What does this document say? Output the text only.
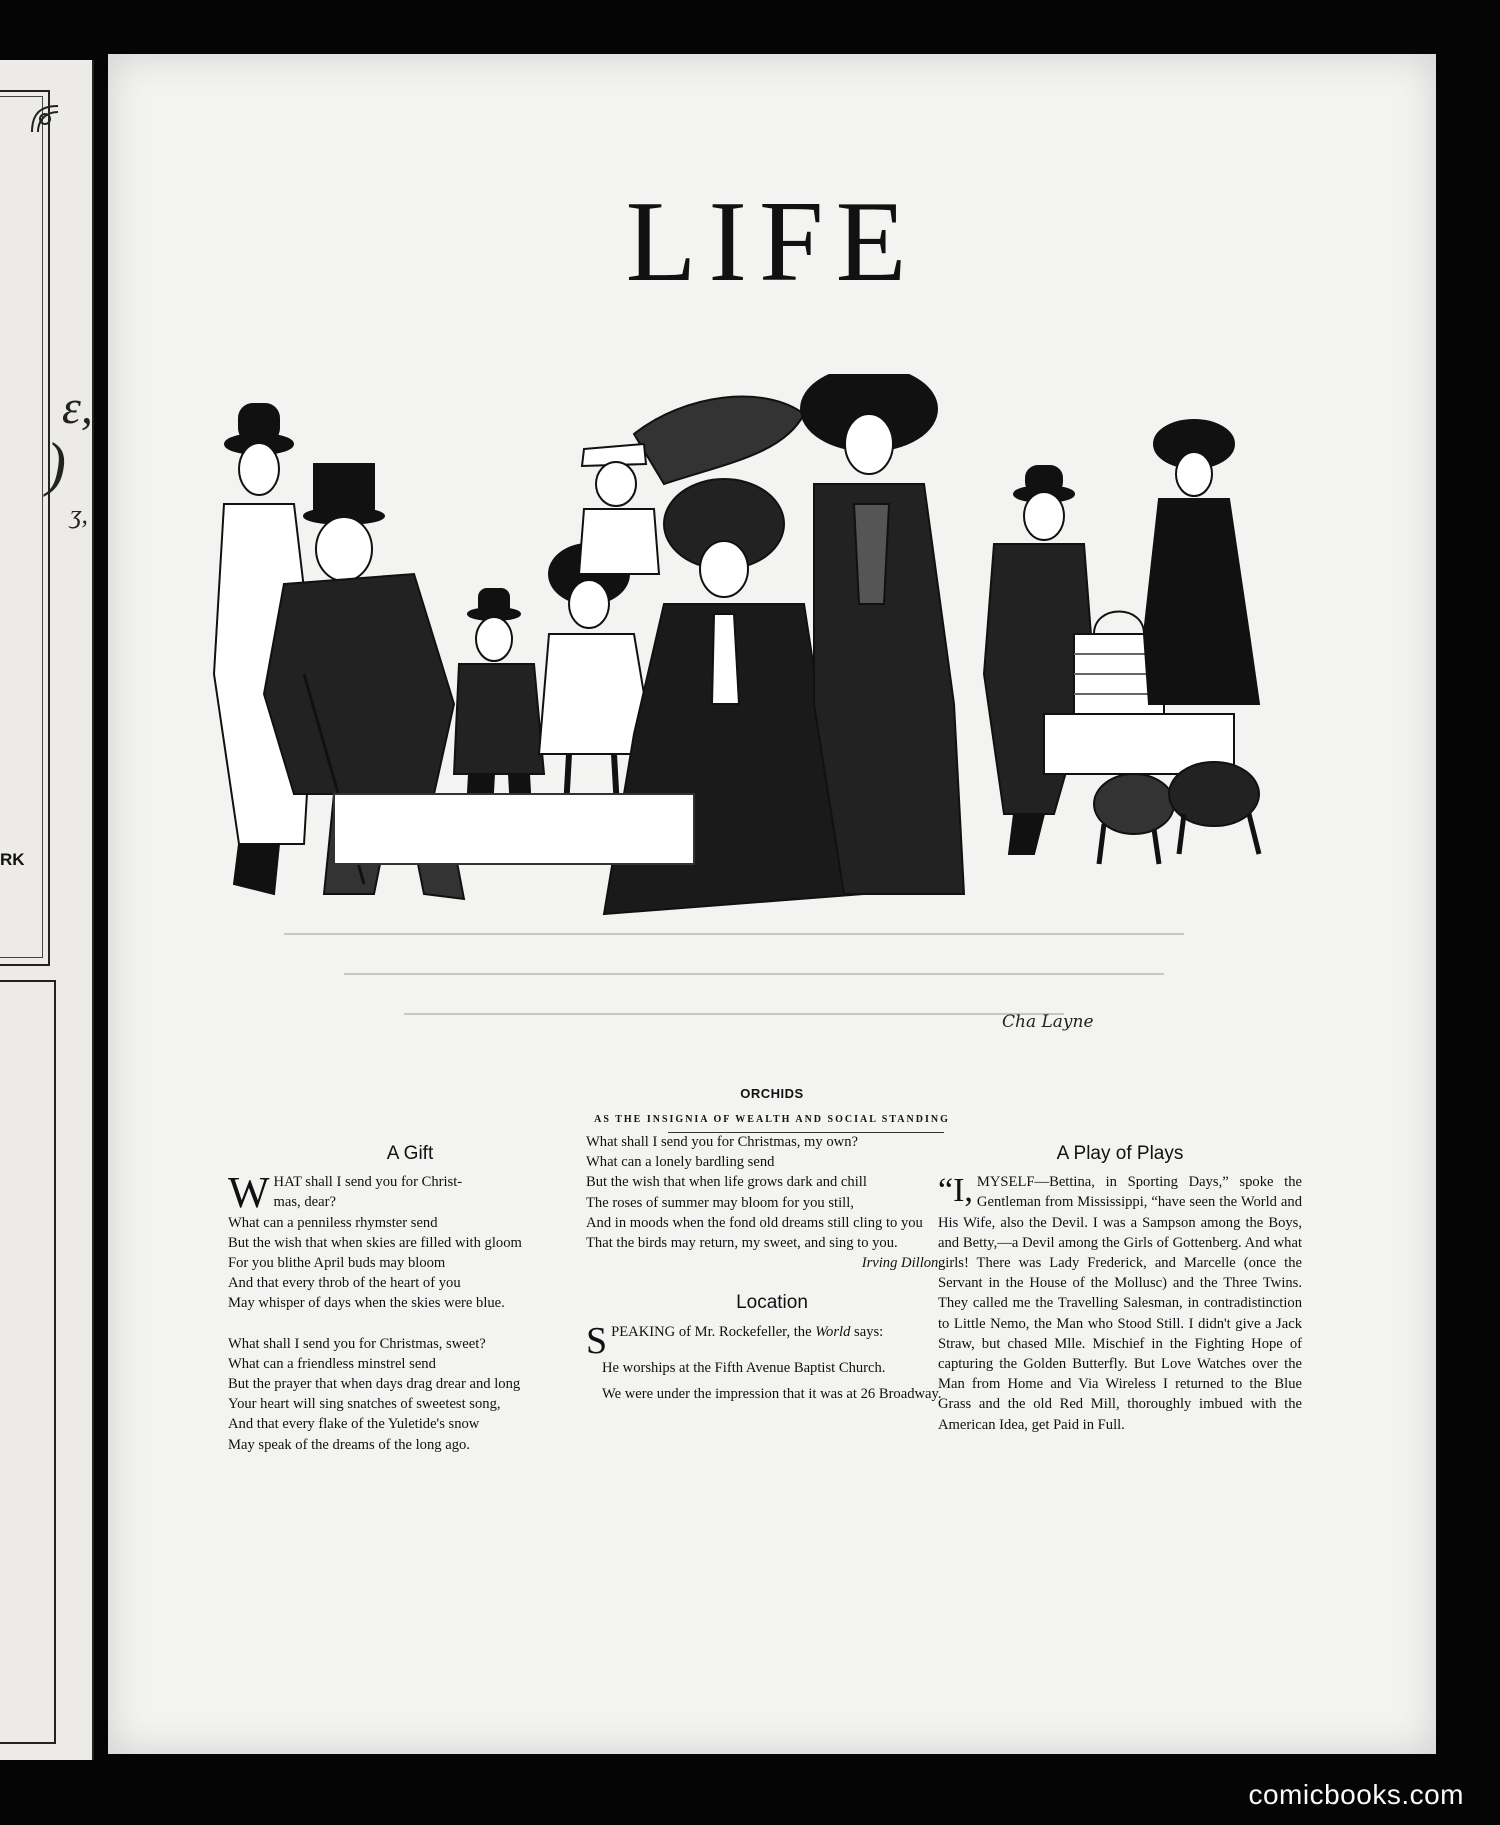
ɛ,
)
ʒ,
RK
LIFE
Cha Layne
ORCHIDS
AS THE INSIGNIA OF WEALTH AND SOCIAL STANDING
A Gift

WHAT shall I send you for Christ-
mas, dear?

What can a penniless rhymster send

But the wish that when skies are filled with gloom

For you blithe April buds may bloom

And that every throb of the heart of you

May whisper of days when the skies were blue.

What shall I send you for Christmas, sweet?

What can a friendless minstrel send

But the prayer that when days drag drear and long

Your heart will sing snatches of sweetest song,

And that every flake of the Yuletide's snow

May speak of the dreams of the long ago.

What shall I send you for Christmas, my own?

What can a lonely bardling send

But the wish that when life grows dark and chill

The roses of summer may bloom for you still,

And in moods when the fond old dreams still cling to you

That the birds may return, my sweet, and sing to you.

Irving Dillon.

Location

SPEAKING of Mr. Rockefeller, the World says:

He worships at the Fifth Avenue Baptist Church.

We were under the impression that it was at 26 Broadway.

A Play of Plays

“I, MYSELF—Bettina, in Sporting Days,” spoke the Gentleman from Mississippi, “have seen the World and His Wife, also the Devil. I was a Sampson among the Boys, and Betty,—a Devil among the Girls of Gottenberg. And what girls! There was Lady Frederick, and Marcelle (once the Servant in the House of the Mollusc) and the Three Twins. They called me the Travelling Salesman, in contradistinction to Little Nemo, the Man who Stood Still. I didn't give a Jack Straw, but chased Mlle. Mischief in the Fighting Hope of capturing the Golden Butterfly. But Love Watches over the Man from Home and Via Wireless I returned to the Blue Grass and the old Red Mill, thoroughly imbued with the American Idea, get Paid in Full.

comicbooks.com
